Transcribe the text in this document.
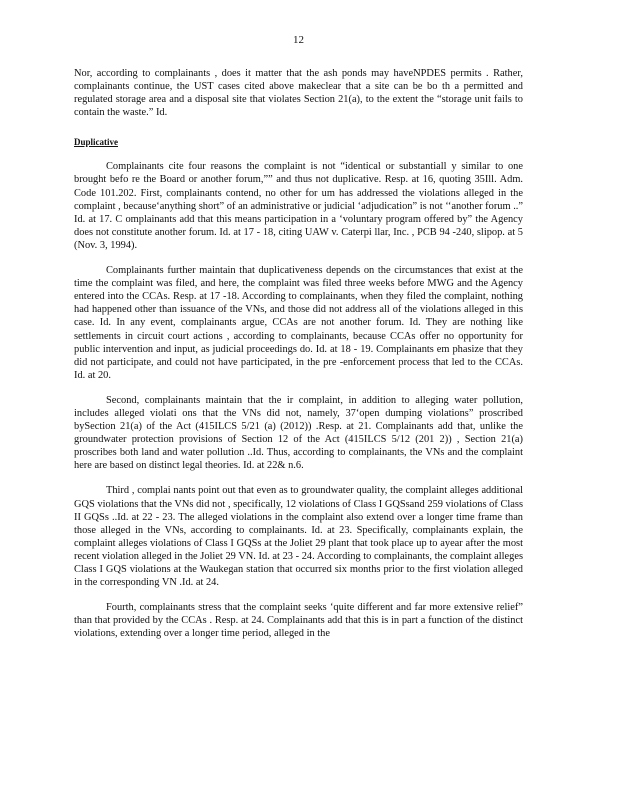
12

Nor, according to complainants , does it matter that the ash ponds may haveNPDES permits . Rather, complainants continue, the UST cases cited above makeclear that a site can be bo th a permitted and regulated storage area and a disposal site that violates Section 21(a), to the extent the “storage unit fails to contain the waste.” Id.

Duplicative

Complainants cite four reasons the complaint is not “identical or substantiall y similar to one brought befo re the Board or another forum,”” and thus not duplicative. Resp. at 16, quoting 35Ill. Adm. Code 101.202. First, complainants contend, no other for um has addressed the violations alleged in the complaint , because‘anything short” of an administrative or judicial ‘adjudication” is not ‘‘another forum ..” Id. at 17. C omplainants add that this means participation in a ‘voluntary program offered by” the Agency does not constitute another forum. Id. at 17 - 18, citing UAW v. Caterpi llar, Inc. , PCB 94 -240, slipop. at 5 (Nov. 3, 1994).

Complainants further maintain that duplicativeness depends on the circumstances that exist at the time the complaint was filed, and here, the complaint was filed three weeks before MWG and the Agency entered into the CCAs. Resp. at 17 -18. According to complainants, when they filed the complaint, nothing had happened other than issuance of the VNs, and those did not address all of the violations alleged in this case. Id. In any event, complainants argue, CCAs are not another forum. Id. They are nothing like settlements in circuit court actions , according to complainants, because CCAs offer no opportunity for public intervention and input, as judicial proceedings do. Id. at 18 - 19. Complainants em phasize that they did not participate, and could not have participated, in the pre -enforcement process that led to the CCAs. Id. at 20.

Second, complainants maintain that the ir complaint, in addition to alleging water pollution, includes alleged violati ons that the VNs did not, namely, 37‘open dumping violations” proscribed bySection 21(a) of the Act (415ILCS 5/21 (a) (2012)) .Resp. at 21. Complainants add that, unlike the groundwater protection provisions of Section 12 of the Act (415ILCS 5/12 (201 2)) , Section 21(a) proscribes both land and water pollution ..Id. Thus, according to complainants, the VNs and the complaint here are based on distinct legal theories. Id. at 22& n.6.

Third , complai nants point out that even as to groundwater quality, the complaint alleges additional GQS violations that the VNs did not , specifically, 12 violations of Class I GQSsand 259 violations of Class II GQSs ..Id. at 22 - 23. The alleged violations in the complaint also extend over a longer time frame than those alleged in the VNs, according to complainants. Id. at 23. Specifically, complainants explain, the complaint alleges violations of Class I GQSs at the Joliet 29 plant that took place up to ayear after the most recent violation alleged in the Joliet 29 VN. Id. at 23 - 24. According to complainants, the complaint alleges Class I GQS violations at the Waukegan station that occurred six months prior to the first violation alleged in the corresponding VN .Id. at 24.

Fourth, complainants stress that the complaint seeks ‘quite different and far more extensive relief” than that provided by the CCAs . Resp. at 24. Complainants add that this is in part a function of the distinct violations, extending over a longer time period, alleged in the
